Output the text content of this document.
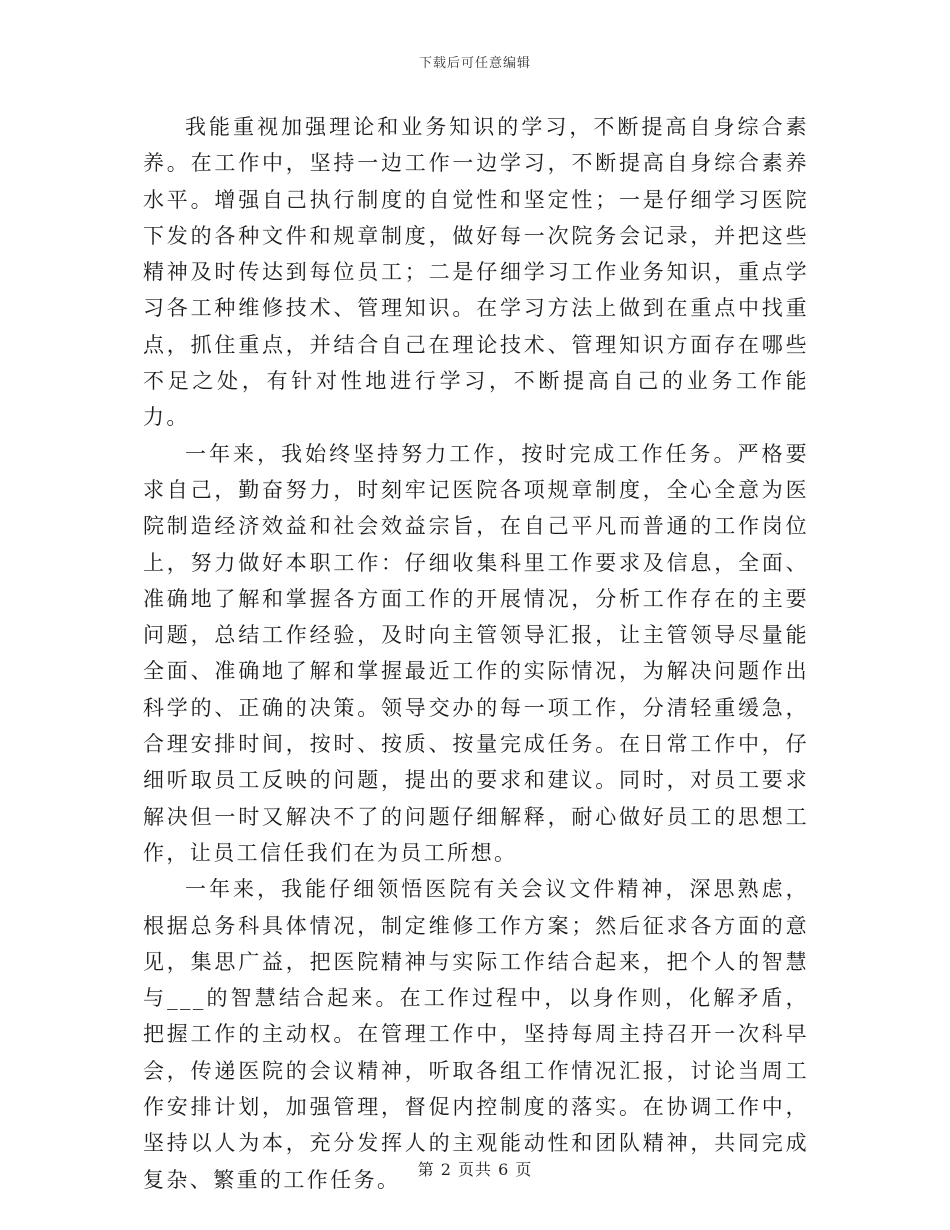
下载后可任意编辑

我能重视加强理论和业务知识的学习，不断提高自身综合素养。在工作中，坚持一边工作一边学习，不断提高自身综合素养水平。增强自己执行制度的自觉性和坚定性；一是仔细学习医院下发的各种文件和规章制度，做好每一次院务会记录，并把这些精神及时传达到每位员工；二是仔细学习工作业务知识，重点学习各工种维修技术、管理知识。在学习方法上做到在重点中找重点，抓住重点，并结合自己在理论技术、管理知识方面存在哪些不足之处，有针对性地进行学习，不断提高自己的业务工作能力。

一年来，我始终坚持努力工作，按时完成工作任务。严格要求自己，勤奋努力，时刻牢记医院各项规章制度，全心全意为医院制造经济效益和社会效益宗旨，在自己平凡而普通的工作岗位上，努力做好本职工作：仔细收集科里工作要求及信息，全面、准确地了解和掌握各方面工作的开展情况，分析工作存在的主要问题，总结工作经验，及时向主管领导汇报，让主管领导尽量能全面、准确地了解和掌握最近工作的实际情况，为解决问题作出科学的、正确的决策。领导交办的每一项工作，分清轻重缓急，合理安排时间，按时、按质、按量完成任务。在日常工作中，仔细听取员工反映的问题，提出的要求和建议。同时，对员工要求解决但一时又解决不了的问题仔细解释，耐心做好员工的思想工作，让员工信任我们在为员工所想。

一年来，我能仔细领悟医院有关会议文件精神，深思熟虑，根据总务科具体情况，制定维修工作方案；然后征求各方面的意见，集思广益，把医院精神与实际工作结合起来，把个人的智慧与___的智慧结合起来。在工作过程中，以身作则，化解矛盾，把握工作的主动权。在管理工作中，坚持每周主持召开一次科早会，传递医院的会议精神，听取各组工作情况汇报，讨论当周工作安排计划，加强管理，督促内控制度的落实。在协调工作中，坚持以人为本，充分发挥人的主观能动性和团队精神，共同完成复杂、繁重的工作任务。	第 2 页共 6 页
